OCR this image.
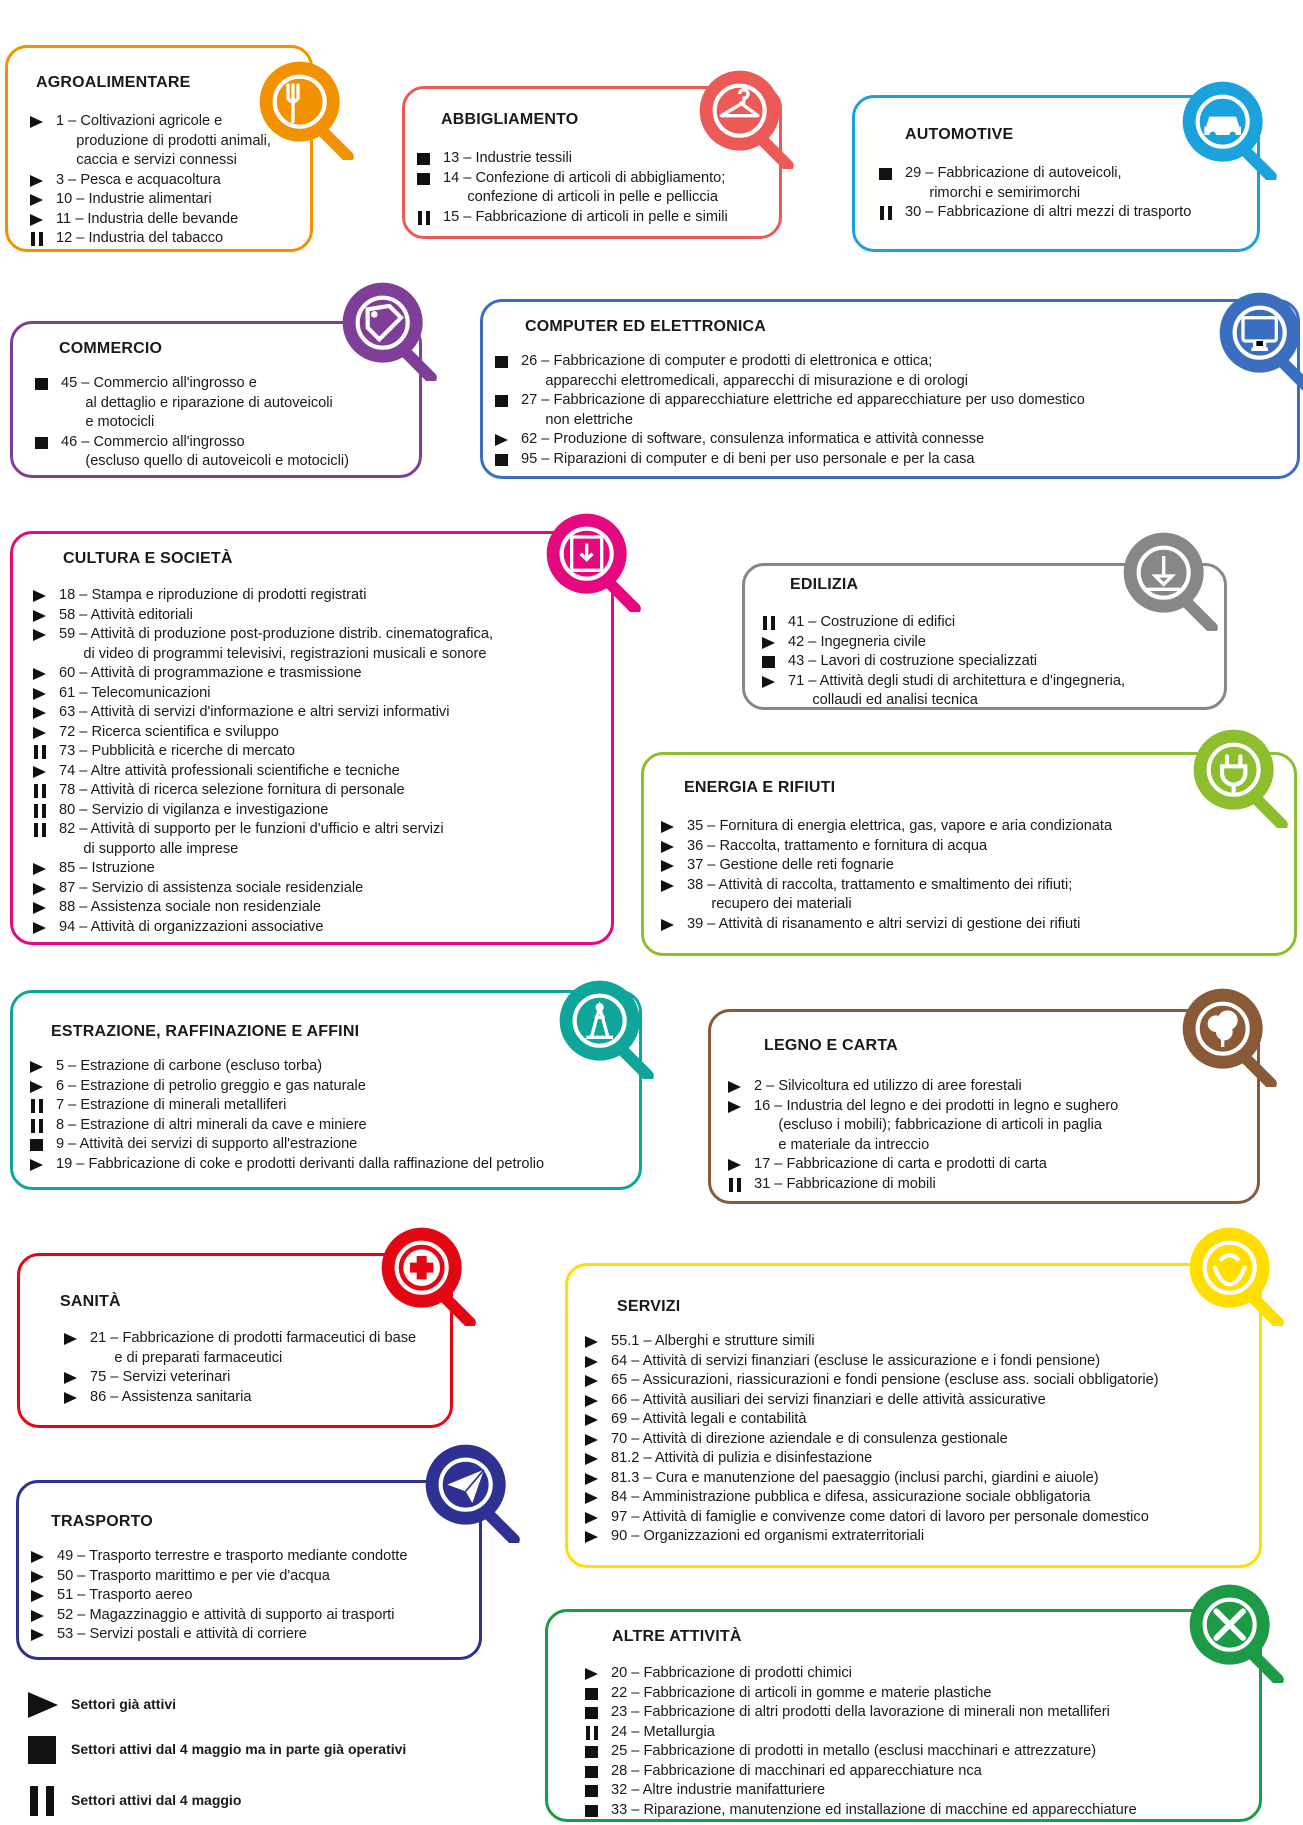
AGROALIMENTARE
1 – Coltivazioni agricole e
produzione di prodotti animali,
caccia e servizi connessi
3 – Pesca e acquacoltura
10 – Industrie alimentari
11 – Industria delle bevande
12 – Industria del tabacco
ABBIGLIAMENTO
13 – Industrie tessili
14 – Confezione di articoli di abbigliamento;
confezione di articoli in pelle e pelliccia
15 – Fabbricazione di articoli in pelle e simili
AUTOMOTIVE
29 – Fabbricazione di autoveicoli,
rimorchi e semirimorchi
30 – Fabbricazione di altri mezzi di trasporto
COMMERCIO
45 – Commercio all'ingrosso e
al dettaglio e riparazione di autoveicoli
e motocicli
46 – Commercio all'ingrosso
(escluso quello di autoveicoli e motocicli)
COMPUTER ED ELETTRONICA
26 – Fabbricazione di computer e prodotti di elettronica e ottica;
apparecchi elettromedicali, apparecchi di misurazione e di orologi
27 – Fabbricazione di apparecchiature elettriche ed apparecchiature per uso domestico
non elettriche
62 – Produzione di software, consulenza informatica e attività connesse
95 – Riparazioni di computer e di beni per uso personale e per la casa
CULTURA E SOCIETÀ
18 – Stampa e riproduzione di prodotti registrati
58 – Attività editoriali
59 – Attività di produzione post-produzione distrib. cinematografica,
di video di programmi televisivi, registrazioni musicali e sonore
60 – Attività di programmazione e trasmissione
61 – Telecomunicazioni
63 – Attività di servizi d'informazione e altri servizi informativi
72 – Ricerca scientifica e sviluppo
73 – Pubblicità e ricerche di mercato
74 – Altre attività professionali scientifiche e tecniche
78 – Attività di ricerca selezione fornitura di personale
80 – Servizio di vigilanza e investigazione
82 – Attività di supporto per le funzioni d'ufficio e altri servizi
di supporto alle imprese
85 – Istruzione
87 – Servizio di assistenza sociale residenziale
88 – Assistenza sociale non residenziale
94 – Attività di organizzazioni associative
EDILIZIA
41 – Costruzione di edifici
42 – Ingegneria civile
43 – Lavori di costruzione specializzati
71 – Attività degli studi di architettura e d'ingegneria,
collaudi ed analisi tecnica
ENERGIA E RIFIUTI
35 – Fornitura di energia elettrica, gas, vapore e aria condizionata
36 – Raccolta, trattamento e fornitura di acqua
37 – Gestione delle reti fognarie
38 – Attività di raccolta, trattamento e smaltimento dei rifiuti;
recupero dei materiali
39 – Attività di risanamento e altri servizi di gestione dei rifiuti
ESTRAZIONE, RAFFINAZIONE E AFFINI
5 – Estrazione di carbone (escluso torba)
6 – Estrazione di petrolio greggio e gas naturale
7 – Estrazione di minerali metalliferi
8 – Estrazione di altri minerali da cave e miniere
9 – Attività dei servizi di supporto all'estrazione
19 – Fabbricazione di coke e prodotti derivanti dalla raffinazione del petrolio
LEGNO E CARTA
2 – Silvicoltura ed utilizzo di aree forestali
16 – Industria del legno e dei prodotti in legno e sughero
(escluso i mobili); fabbricazione di articoli in paglia
e materiale da intreccio
17 – Fabbricazione di carta e prodotti di carta
31 – Fabbricazione di mobili
SANITÀ
21 – Fabbricazione di prodotti farmaceutici di base
e di preparati farmaceutici
75 – Servizi veterinari
86 – Assistenza sanitaria
SERVIZI
55.1 – Alberghi e strutture simili
64 – Attività di servizi finanziari (escluse le assicurazione e i fondi pensione)
65 – Assicurazioni, riassicurazioni e fondi pensione (escluse ass. sociali obbligatorie)
66 – Attività ausiliari dei servizi finanziari e delle attività assicurative
69 – Attività legali e contabilità
70 – Attività di direzione aziendale e di consulenza gestionale
81.2 – Attività di pulizia e disinfestazione
81.3 – Cura e manutenzione del paesaggio (inclusi parchi, giardini e aiuole)
84 – Amministrazione pubblica e difesa, assicurazione sociale obbligatoria
97 – Attività di famiglie e convivenze come datori di lavoro per personale domestico
90 – Organizzazioni ed organismi extraterritoriali
TRASPORTO
49 – Trasporto terrestre e trasporto mediante condotte
50 – Trasporto marittimo e per vie d'acqua
51 – Trasporto aereo
52 – Magazzinaggio e attività di supporto ai trasporti
53 – Servizi postali e attività di corriere	ALTRE ATTIVITÀ
20 – Fabbricazione di prodotti chimici
22 – Fabbricazione di articoli in gomme e materie plastiche
23 – Fabbricazione di altri prodotti della lavorazione di minerali non metalliferi
24 – Metallurgia
25 – Fabbricazione di prodotti in metallo (esclusi macchinari e attrezzature)
28 – Fabbricazione di macchinari ed apparecchiature nca
32 – Altre industrie manifatturiere
33 – Riparazione, manutenzione ed installazione di macchine ed apparecchiature
Settori già attivi
Settori attivi dal 4 maggio ma in parte già operativi
Settori attivi dal 4 maggio
